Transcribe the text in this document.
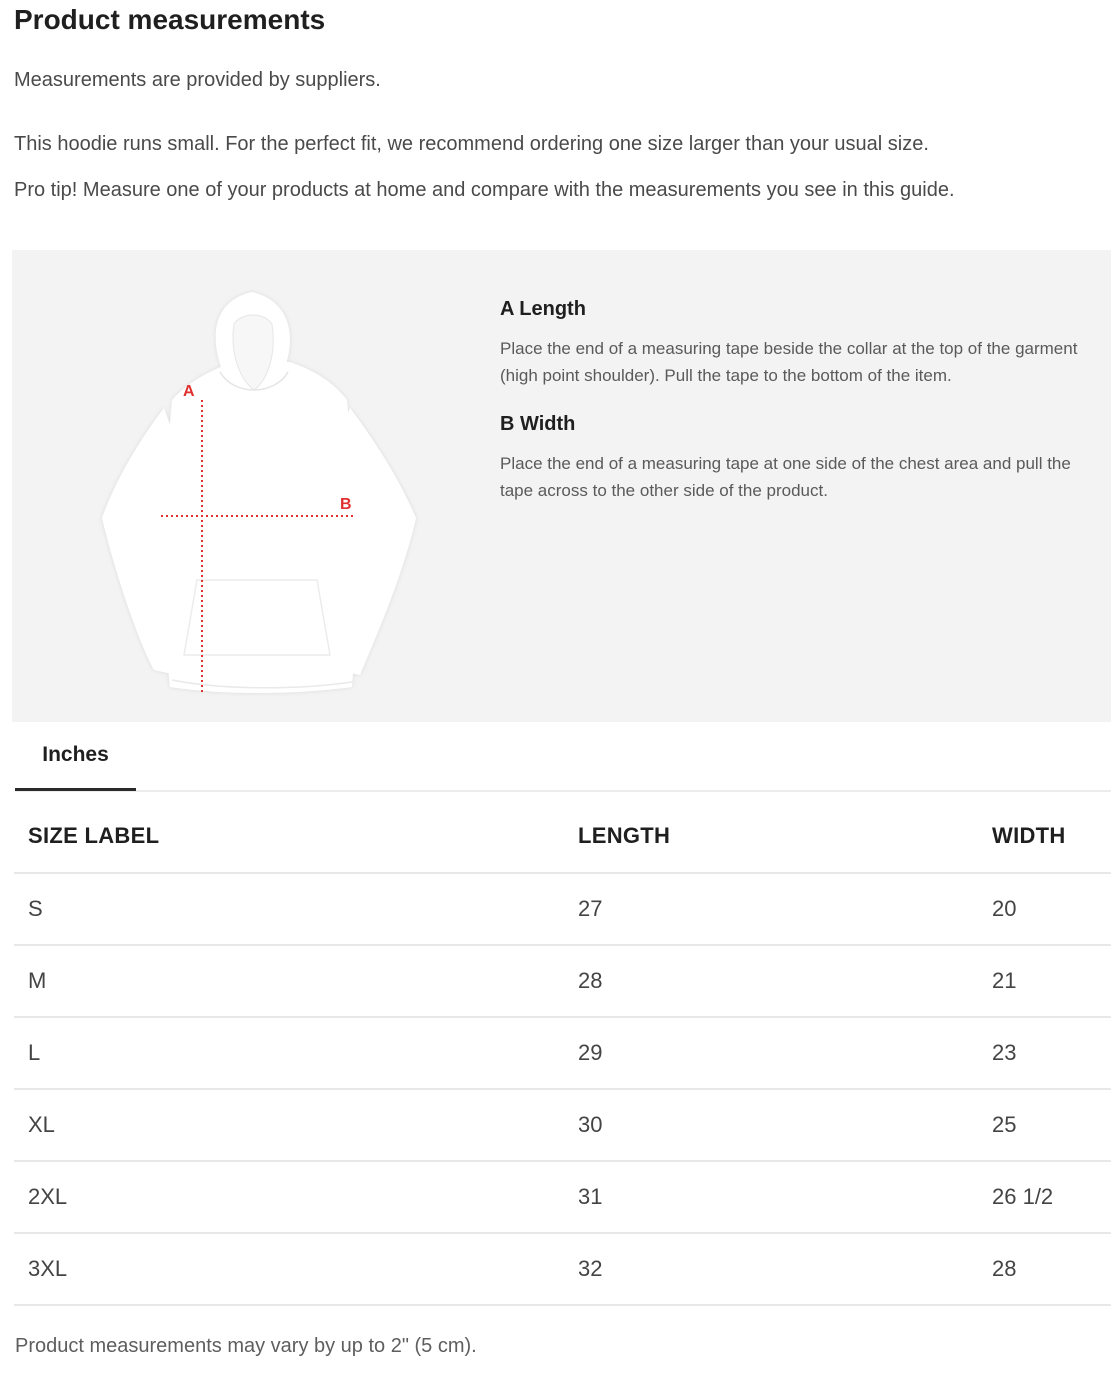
Product measurements

Measurements are provided by suppliers.

This hoodie runs small. For the perfect fit, we recommend ordering one size larger than your usual size.

Pro tip! Measure one of your products at home and compare with the measurements you see in this guide.

A
B
A Length

Place the end of a measuring tape beside the collar at the top of the garment (high point shoulder). Pull the tape to the bottom of the item.

B Width

Place the end of a measuring tape at one side of the chest area and pull the tape across to the other side of the product.

Inches
SIZE LABEL	LENGTH	WIDTH
S	27	20
M	28	21
L	29	23
XL	30	25
2XL	31	26 1/2
3XL	32	28

Product measurements may vary by up to 2" (5 cm).
